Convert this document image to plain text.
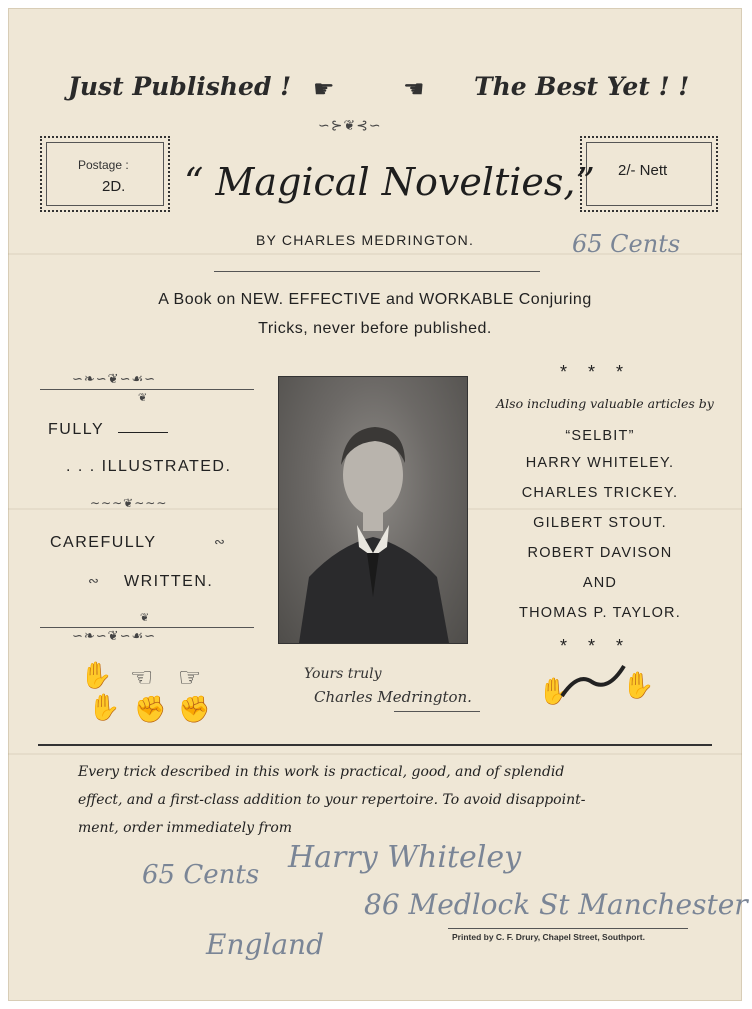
Just Published ! ☛	☚ The Best Yet ! !
∽⊱❦⊰∽
Postage :
2D.
2/- Nett
“ Magical Novelties,”
BY CHARLES MEDRINGTON.	65 Cents
A Book on NEW. EFFECTIVE and WORKABLE Conjuring
Tricks, never before published.
∽❧∽❦∽☙∽
❦
FULLY
. . . ILLUSTRATED.
∼∼∼❦∼∼∼
CAREFULLY	∾
∾ WRITTEN.
❦
∽❧∽❦∽☙∽
✋ ☜ ☞
✋ ✊ ✊
Yours truly
Charles Medrington.
* * *
Also including valuable articles by
“SELBIT”
HARRY WHITELEY.
CHARLES TRICKEY.
GILBERT STOUT.
ROBERT DAVISON
AND
THOMAS P. TAYLOR.
* * *
✋ ✋
Every trick described in this work is practical, good, and of splendid
effect, and a first-class addition to your repertoire. To avoid disappoint-
ment, order immediately from
65 Cents Harry Whiteley
86 Medlock St Manchester
England	Printed by C. F. Drury, Chapel Street, Southport.
